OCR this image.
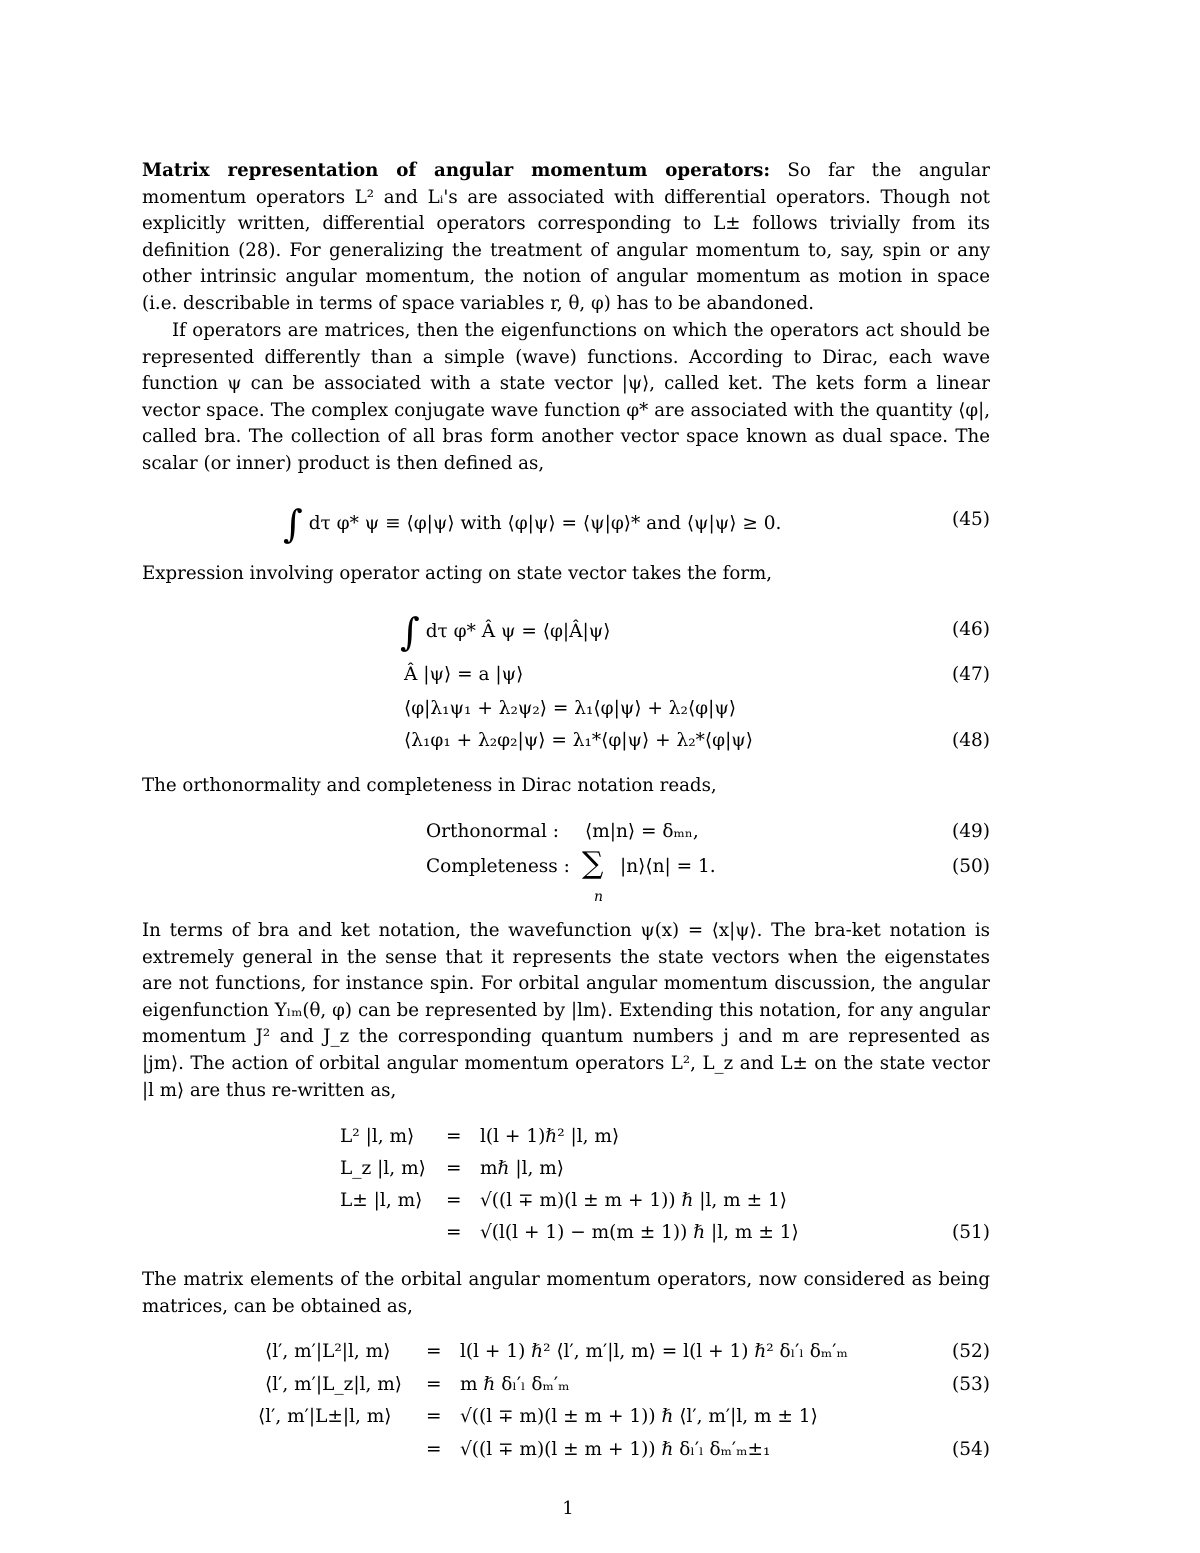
Matrix representation of angular momentum operators: So far the angular momentum operators L² and Lᵢ's are associated with differential operators. Though not explicitly written, differential operators corresponding to L± follows trivially from its definition (28). For generalizing the treatment of angular momentum to, say, spin or any other intrinsic angular momentum, the notion of angular momentum as motion in space (i.e. describable in terms of space variables r, θ, φ) has to be abandoned.

If operators are matrices, then the eigenfunctions on which the operators act should be represented differently than a simple (wave) functions. According to Dirac, each wave function ψ can be associated with a state vector |ψ⟩, called ket. The kets form a linear vector space. The complex conjugate wave function φ* are associated with the quantity ⟨φ|, called bra. The collection of all bras form another vector space known as dual space. The scalar (or inner) product is then defined as,

∫ dτ φ* ψ ≡ ⟨φ|ψ⟩ with ⟨φ|ψ⟩ = ⟨ψ|φ⟩* and ⟨ψ|ψ⟩ ≥ 0.	(45)

Expression involving operator acting on state vector takes the form,

∫ dτ φ* Â ψ = ⟨φ|Â|ψ⟩	(46)
Â |ψ⟩ = a |ψ⟩	(47)
⟨φ|λ₁ψ₁ + λ₂ψ₂⟩ = λ₁⟨φ|ψ⟩ + λ₂⟨φ|ψ⟩
⟨λ₁φ₁ + λ₂φ₂|ψ⟩ = λ₁*⟨φ|ψ⟩ + λ₂*⟨φ|ψ⟩	(48)

The orthonormality and completeness in Dirac notation reads,

Orthonormal : ⟨m|n⟩ = δₘₙ,	(49)
Completeness : ∑
n
|n⟩⟨n| = 1.	(50)

In terms of bra and ket notation, the wavefunction ψ(x) = ⟨x|ψ⟩. The bra-ket notation is extremely general in the sense that it represents the state vectors when the eigenstates are not functions, for instance spin. For orbital angular momentum discussion, the angular eigenfunction Yₗₘ(θ, φ) can be represented by |lm⟩. Extending this notation, for any angular momentum J² and J_z the corresponding quantum numbers j and m are represented as |jm⟩. The action of orbital angular momentum operators L², L_z and L± on the state vector |l m⟩ are thus re-written as,

L² |l, m⟩ = l(l + 1)ℏ² |l, m⟩
L_z |l, m⟩ = mℏ |l, m⟩
L± |l, m⟩ = √((l ∓ m)(l ± m + 1)) ℏ |l, m ± 1⟩
= √(l(l + 1) − m(m ± 1)) ℏ |l, m ± 1⟩	(51)

The matrix elements of the orbital angular momentum operators, now considered as being matrices, can be obtained as,

⟨l′, m′|L²|l, m⟩ = l(l + 1) ℏ² ⟨l′, m′|l, m⟩ = l(l + 1) ℏ² δₗ′ₗ δₘ′ₘ	(52)
⟨l′, m′|L_z|l, m⟩ = m ℏ δₗ′ₗ δₘ′ₘ	(53)
⟨l′, m′|L±|l, m⟩ = √((l ∓ m)(l ± m + 1)) ℏ ⟨l′, m′|l, m ± 1⟩
= √((l ∓ m)(l ± m + 1)) ℏ δₗ′ₗ δₘ′ₘ±₁	(54)
1
